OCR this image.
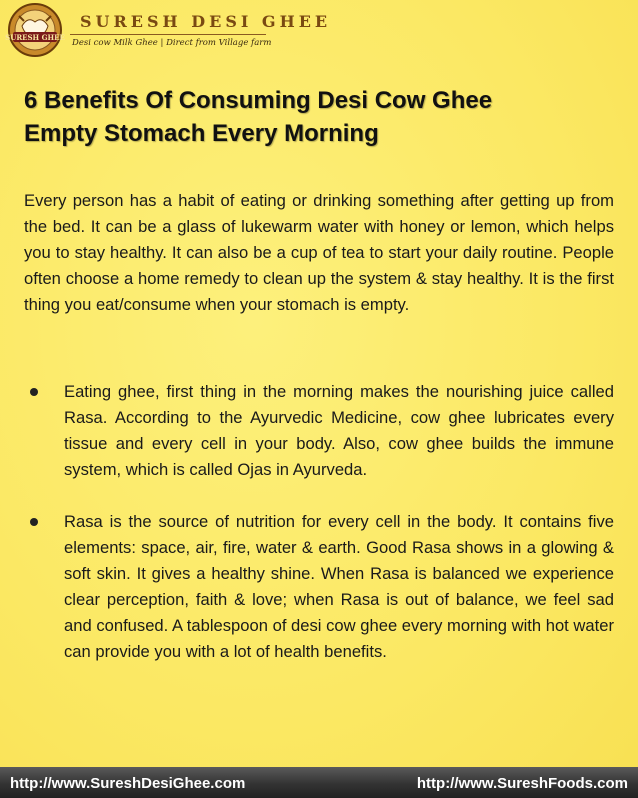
SURESH GHEE
SURESH DESI GHEE
Desi cow Milk Ghee | Direct from Village farm
6 Benefits Of Consuming Desi Cow Ghee
Empty Stomach Every Morning

Every person has a habit of eating or drinking something after getting up from the bed. It can be a glass of lukewarm water with honey or lemon, which helps you to stay healthy. It can also be a cup of tea to start your daily routine. People often choose a home remedy to clean up the system & stay healthy. It is the first thing you eat/consume when your stomach is empty.

Eating ghee, first thing in the morning makes the nourishing juice called Rasa. According to the Ayurvedic Medicine, cow ghee lubricates every tissue and every cell in your body. Also, cow ghee builds the immune system, which is called Ojas in Ayurveda.
Rasa is the source of nutrition for every cell in the body. It contains five elements: space, air, fire, water & earth. Good Rasa shows in a glowing & soft skin. It gives a healthy shine. When Rasa is balanced we experience clear perception, faith & love; when Rasa is out of balance, we feel sad and confused. A tablespoon of desi cow ghee every morning with hot water can provide you with a lot of health benefits.
http://www.SureshDesiGhee.com	http://www.SureshFoods.com
